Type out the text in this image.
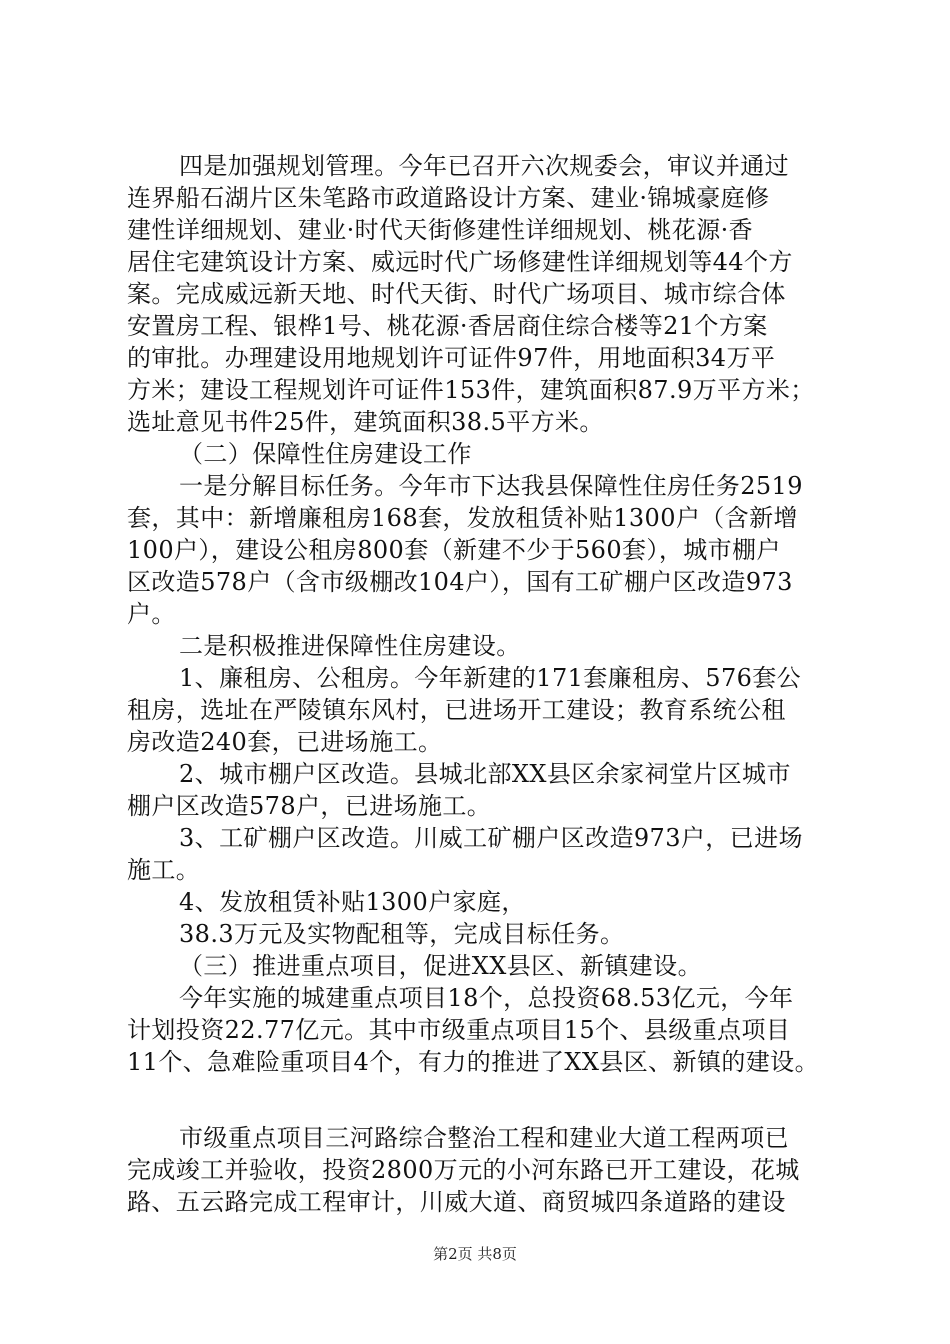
四是加强规划管理。今年已召开六次规委会，审议并通过
连界船石湖片区朱笔路市政道路设计方案、建业·锦城豪庭修
建性详细规划、建业·时代天街修建性详细规划、桃花源·香
居住宅建筑设计方案、威远时代广场修建性详细规划等44个方
案。完成威远新天地、时代天街、时代广场项目、城市综合体
安置房工程、银桦1号、桃花源·香居商住综合楼等21个方案
的审批。办理建设用地规划许可证件97件，用地面积34万平
方米；建设工程规划许可证件153件，建筑面积87.9万平方米；
选址意见书件25件，建筑面积38.5平方米。
（二）保障性住房建设工作
一是分解目标任务。今年市下达我县保障性住房任务2519
套，其中：新增廉租房168套，发放租赁补贴1300户（含新增
100户），建设公租房800套（新建不少于560套），城市棚户
区改造578户（含市级棚改104户），国有工矿棚户区改造973
户。
二是积极推进保障性住房建设。
1、廉租房、公租房。今年新建的171套廉租房、576套公
租房，选址在严陵镇东风村，已进场开工建设；教育系统公租
房改造240套，已进场施工。
2、城市棚户区改造。县城北部XX县区余家祠堂片区城市
棚户区改造578户，已进场施工。
3、工矿棚户区改造。川威工矿棚户区改造973户，已进场
施工。
4、发放租赁补贴1300户家庭，
38.3万元及实物配租等，完成目标任务。
（三）推进重点项目，促进XX县区、新镇建设。
今年实施的城建重点项目18个，总投资68.53亿元，今年
计划投资22.77亿元。其中市级重点项目15个、县级重点项目
11个、急难险重项目4个，有力的推进了XX县区、新镇的建设。
市级重点项目三河路综合整治工程和建业大道工程两项已
完成竣工并验收，投资2800万元的小河东路已开工建设，花城
路、五云路完成工程审计，川威大道、商贸城四条道路的建设
第2页 共8页
